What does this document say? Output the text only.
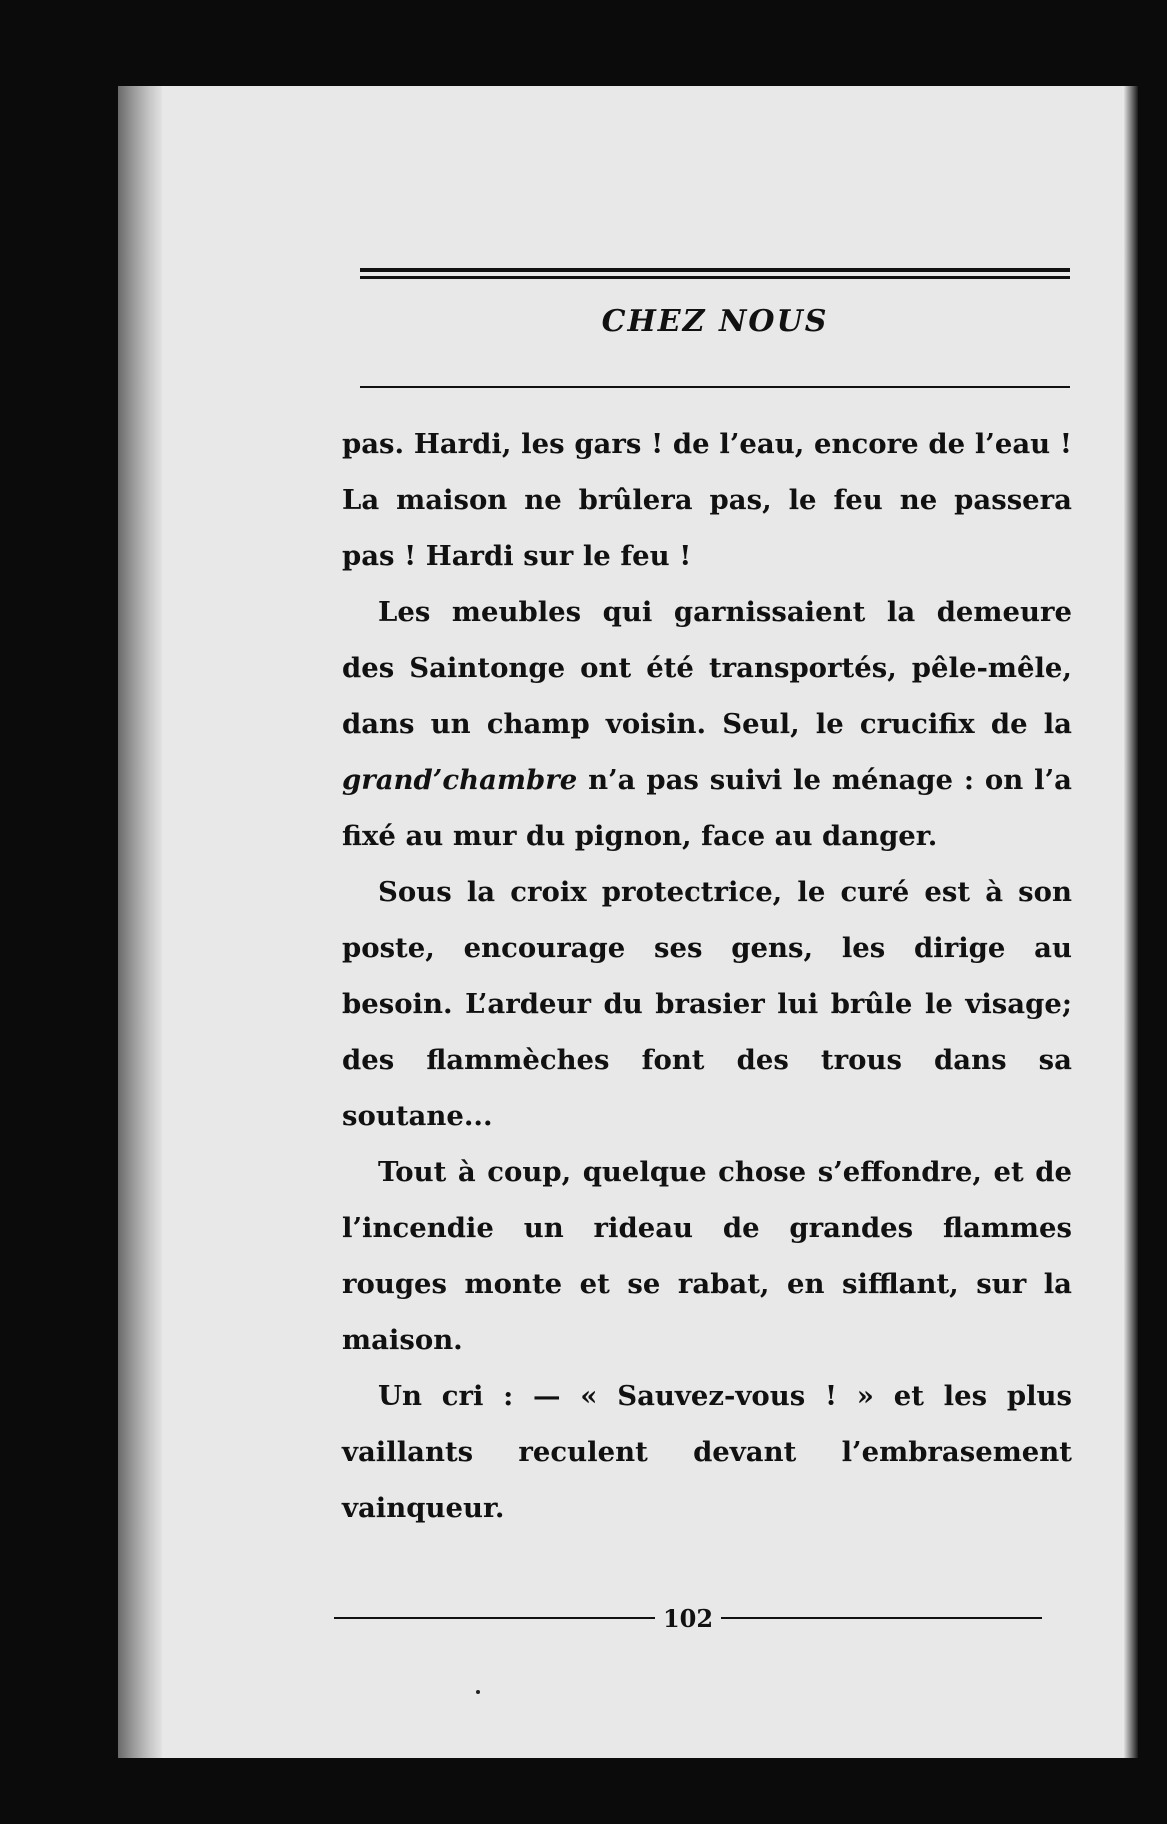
CHEZ NOUS

pas. Hardi, les gars ! de l’eau, encore de l’eau ! La maison ne brûlera pas, le feu ne passera pas ! Hardi sur le feu !

Les meubles qui garnissaient la demeure des Saintonge ont été transportés, pêle-mêle, dans un champ voisin. Seul, le crucifix de la grand’chambre n’a pas suivi le ménage : on l’a fixé au mur du pignon, face au danger.

Sous la croix protectrice, le curé est à son poste, encourage ses gens, les dirige au besoin. L’ardeur du brasier lui brûle le visage; des flammèches font des trous dans sa soutane...

Tout à coup, quelque chose s’effondre, et de l’incendie un rideau de grandes flammes rouges monte et se rabat, en sifflant, sur la maison.

Un cri : — « Sauvez-vous ! » et les plus vaillants reculent devant l’embrasement vainqueur.

102
